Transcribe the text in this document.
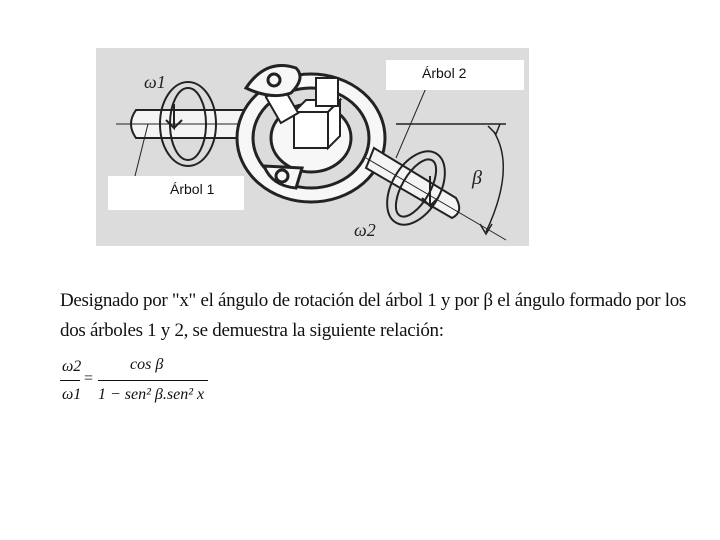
ω1
ω2
β
Árbol 2
Árbol 1
Designado por "x" el ángulo de rotación del árbol 1 y por β el ángulo formado por los dos árboles 1 y 2, se demuestra la siguiente relación:
ω2
ω1
=
cos β
1 − sen² β.sen² x
